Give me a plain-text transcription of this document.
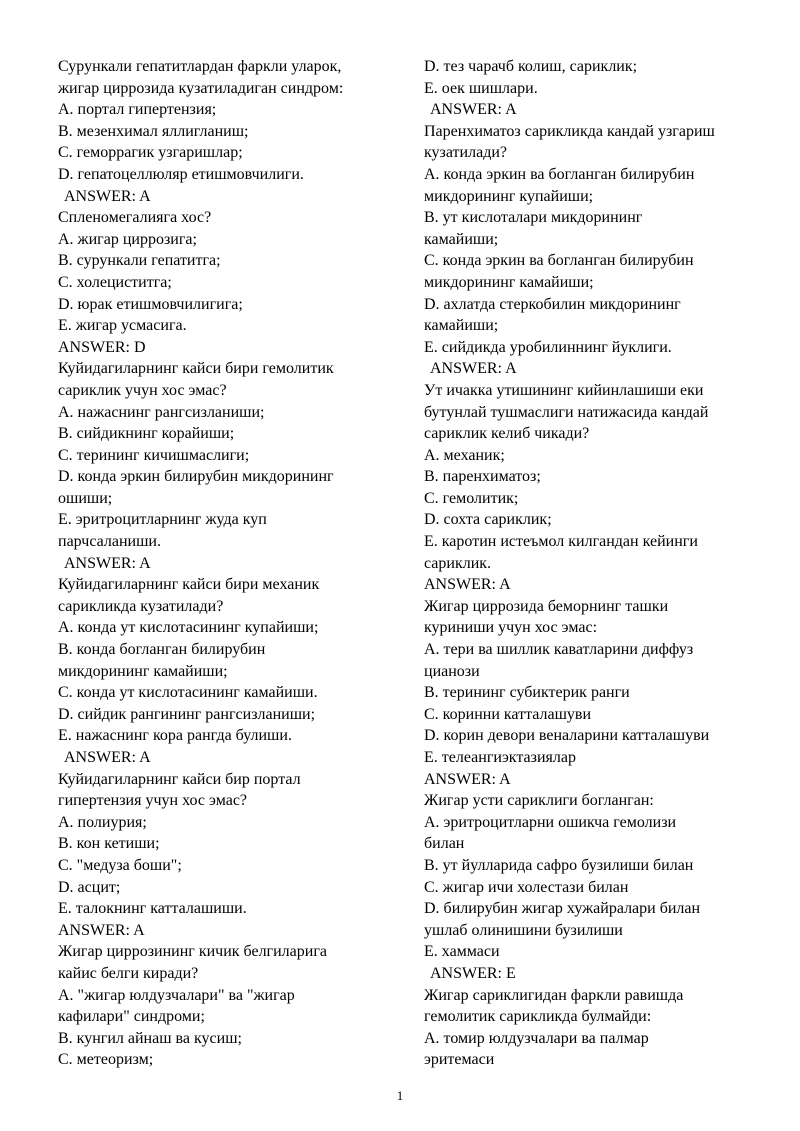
Сурункали гепатитлардан фаркли уларок,
жигар циррозида кузатиладиган синдром:
A. портал гипертензия;
B. мезенхимал яллигланиш;
C. геморрагик узгаришлар;
D. гепатоцеллюляр етишмовчилиги.
ANSWER: A
Спленомегалияга хос?
A. жигар циррозига;
B. сурункали гепатитга;
C. холециститга;
D. юрак етишмовчилигига;
E. жигар усмасига.
ANSWER: D
Куйидагиларнинг кайси бири гемолитик
сариклик учун хос эмас?
A. нажаснинг рангсизланиши;
B. сийдикнинг корайиши;
C. терининг кичишмаслиги;
D. конда эркин билирубин микдорининг
ошиши;
E. эритроцитларнинг жуда куп
парчсаланиши.
ANSWER: A
Куйидагиларнинг кайси бири механик
сарикликда кузатилади?
A. конда ут кислотасининг купайиши;
B. конда богланган билирубин
микдорининг камайиши;
C. конда ут кислотасининг камайиши.
D. сийдик рангининг рангсизланиши;
E. нажаснинг кора рангда булиши.
ANSWER: A
Куйидагиларнинг кайси бир портал
гипертензия учун хос эмас?
A. полиурия;
B. кон кетиши;
C. "медуза боши";
D. асцит;
E. талокнинг катталашиши.
ANSWER: A
Жигар циррозининг кичик белгиларига
кайис белги киради?
A. "жигар юлдузчалари" ва "жигар
кафилари" синдроми;
B. кунгил айнаш ва кусиш;
C. метеоризм;
D. тез чарачб колиш, сариклик;
E. оек шишлари.
ANSWER: A
Паренхиматоз сарикликда кандай узгариш
кузатилади?
A. конда эркин ва богланган билирубин
микдорининг купайиши;
B. ут кислоталари микдорининг
камайиши;
C. конда эркин ва богланган билирубин
микдорининг камайиши;
D. ахлатда стеркобилин микдорининг
камайиши;
E. сийдикда уробилиннинг йуклиги.
ANSWER: A
Ут ичакка утишининг кийинлашиши еки
бутунлай тушмаслиги натижасида кандай
сариклик келиб чикади?
A. механик;
B. паренхиматоз;
C. гемолитик;
D. сохта сариклик;
E. каротин истеъмол килгандан кейинги
сариклик.
ANSWER: A
Жигар циррозида беморнинг ташки
куриниши учун хос эмас:
A. тери ва шиллик каватларини диффуз
цианози
B. терининг субиктерик ранги
C. коринни катталашуви
D. корин девори веналарини катталашуви
E. телеангиэктазиялар
ANSWER: A
Жигар усти сариклиги богланган:
A. эритроцитларни ошикча гемолизи
билан
B. ут йулларида сафро бузилиши билан
C. жигар ичи холестази билан
D. билирубин жигар хужайралари билан
ушлаб олинишини бузилиши
E. хаммаси
ANSWER: E
Жигар сариклигидан фаркли равишда
гемолитик сарикликда булмайди:
A. томир юлдузчалари ва палмар
эритемаси
1
